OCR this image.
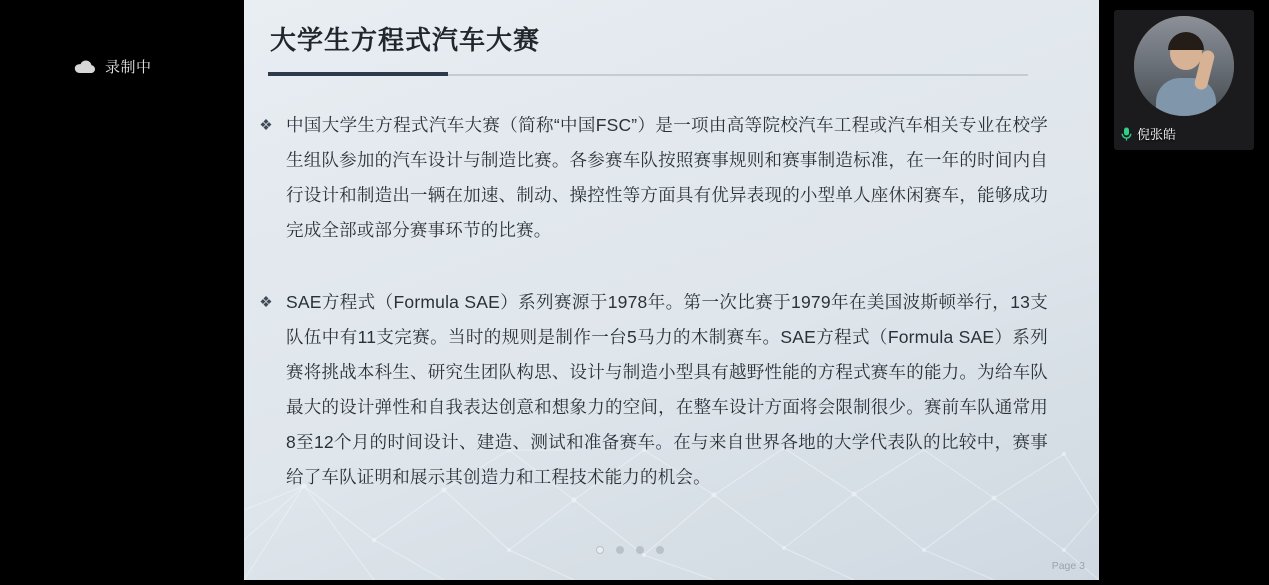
录制中
大学生方程式汽车大赛
❖ 中国大学生方程式汽车大赛（简称“中国FSC”）是一项由高等院校汽车工程或汽车相关专业在校学生组队参加的汽车设计与制造比赛。各参赛车队按照赛事规则和赛事制造标准，在一年的时间内自行设计和制造出一辆在加速、制动、操控性等方面具有优异表现的小型单人座休闲赛车，能够成功完成全部或部分赛事环节的比赛。
❖ SAE方程式（Formula SAE）系列赛源于1978年。第一次比赛于1979年在美国波斯顿举行，13支队伍中有11支完赛。当时的规则是制作一台5马力的木制赛车。SAE方程式（Formula SAE）系列赛将挑战本科生、研究生团队构思、设计与制造小型具有越野性能的方程式赛车的能力。为给车队最大的设计弹性和自我表达创意和想象力的空间，在整车设计方面将会限制很少。赛前车队通常用8至12个月的时间设计、建造、测试和准备赛车。在与来自世界各地的大学代表队的比较中，赛事给了车队证明和展示其创造力和工程技术能力的机会。
Page 3
倪张皓
